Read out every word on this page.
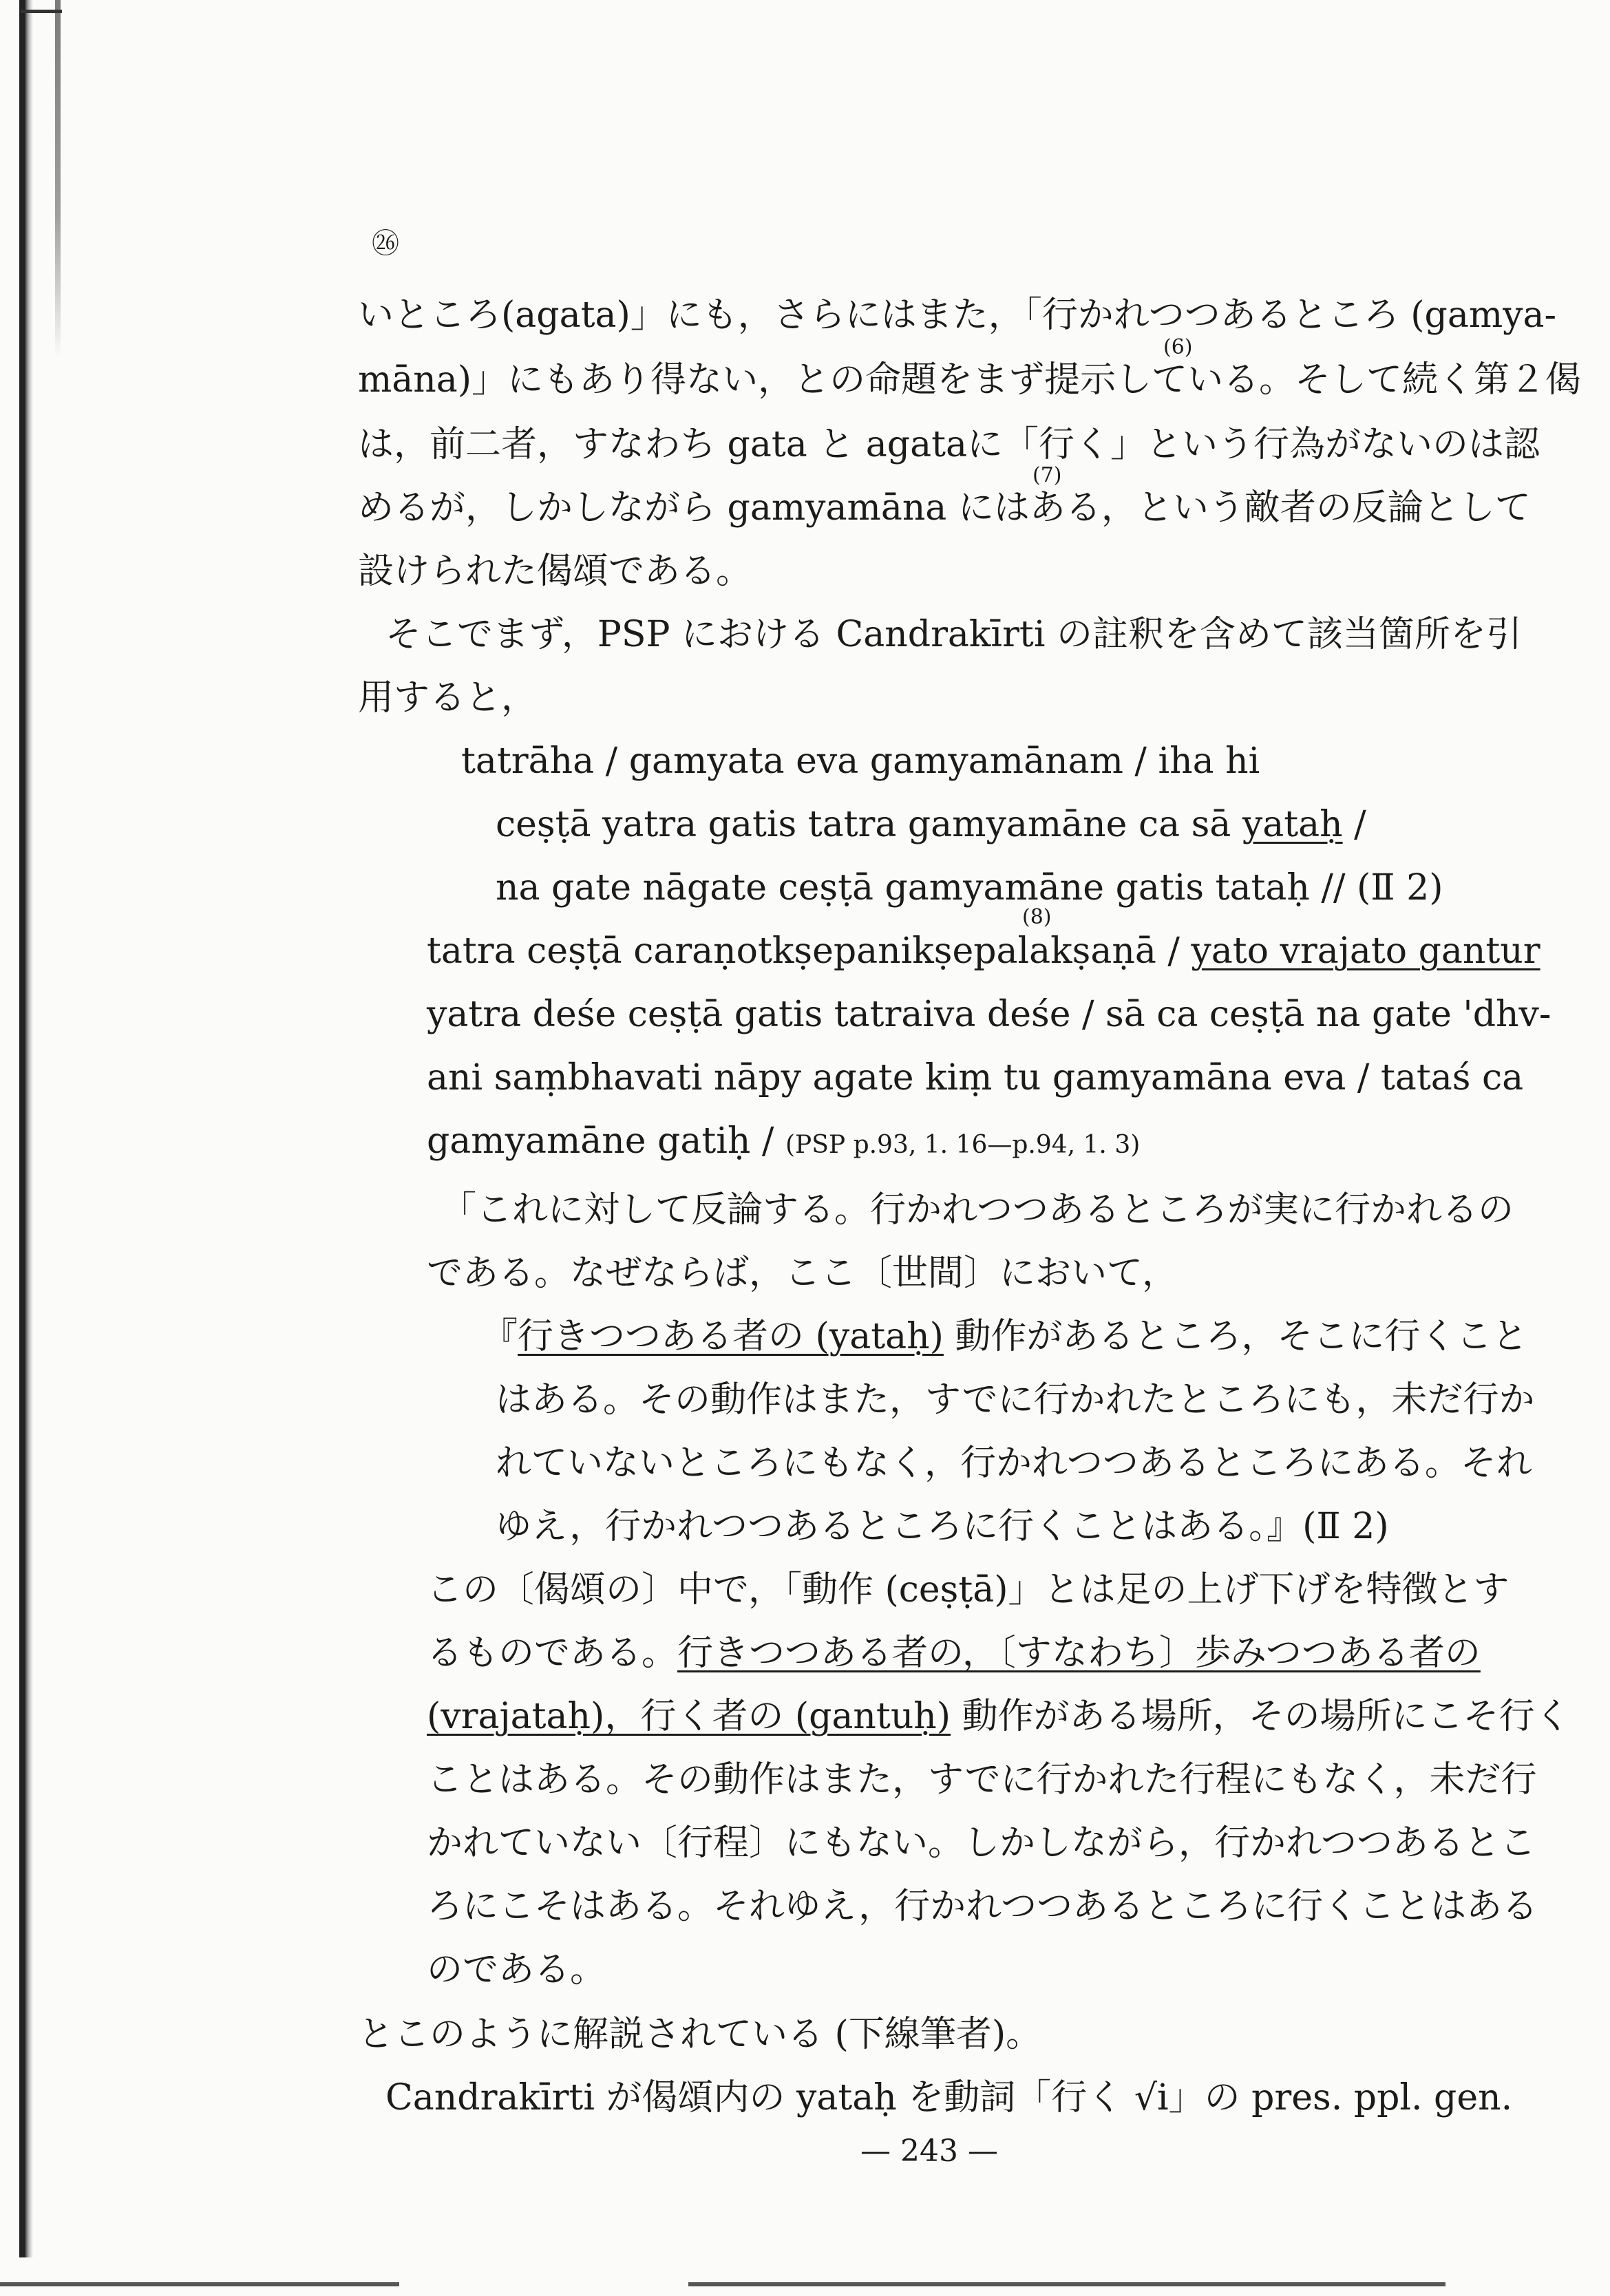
㉖
いところ(agata)」にも，さらにはまた，「行かれつつあるところ (gamya-
(6)
māna)」にもあり得ない，との命題をまず提示している。そして続く第２偈
は，前二者，すなわち gata と agataに「行く」という行為がないのは認
(7)
めるが，しかしながら gamyamāna にはある，という敵者の反論として
設けられた偈頌である。
そこでまず，PSP における Candrakīrti の註釈を含めて該当箇所を引
用すると，
tatrāha / gamyata eva gamyamānam / iha hi
ceṣṭā yatra gatis tatra gamyamāne ca sā yataḥ /
na gate nāgate ceṣṭā gamyamāne gatis tataḥ // (Ⅱ 2)
(8)
tatra ceṣṭā caraṇotkṣepanikṣepalakṣaṇā / yato vrajato gantur
yatra deśe ceṣṭā gatis tatraiva deśe / sā ca ceṣṭā na gate 'dhv-
ani saṃbhavati nāpy agate kiṃ tu gamyamāna eva / tataś ca
gamyamāne gatiḥ / (PSP p.93, 1. 16—p.94, 1. 3)
「これに対して反論する。行かれつつあるところが実に行かれるの
である。なぜならば，ここ〔世間〕において，
『行きつつある者の (yataḥ) 動作があるところ，そこに行くこと
はある。その動作はまた，すでに行かれたところにも，未だ行か
れていないところにもなく，行かれつつあるところにある。それ
ゆえ，行かれつつあるところに行くことはある。』(Ⅱ 2)
この〔偈頌の〕中で，「動作 (ceṣṭā)」とは足の上げ下げを特徴とす
るものである。行きつつある者の，〔すなわち〕歩みつつある者の
(vrajataḥ)，行く者の (gantuḥ) 動作がある場所，その場所にこそ行く
ことはある。その動作はまた，すでに行かれた行程にもなく，未だ行
かれていない〔行程〕にもない。しかしながら，行かれつつあるとこ
ろにこそはある。それゆえ，行かれつつあるところに行くことはある
のである。
とこのように解説されている (下線筆者)。
Candrakīrti が偈頌内の yataḥ を動詞「行く √i」の pres. ppl. gen.
— 243 —
